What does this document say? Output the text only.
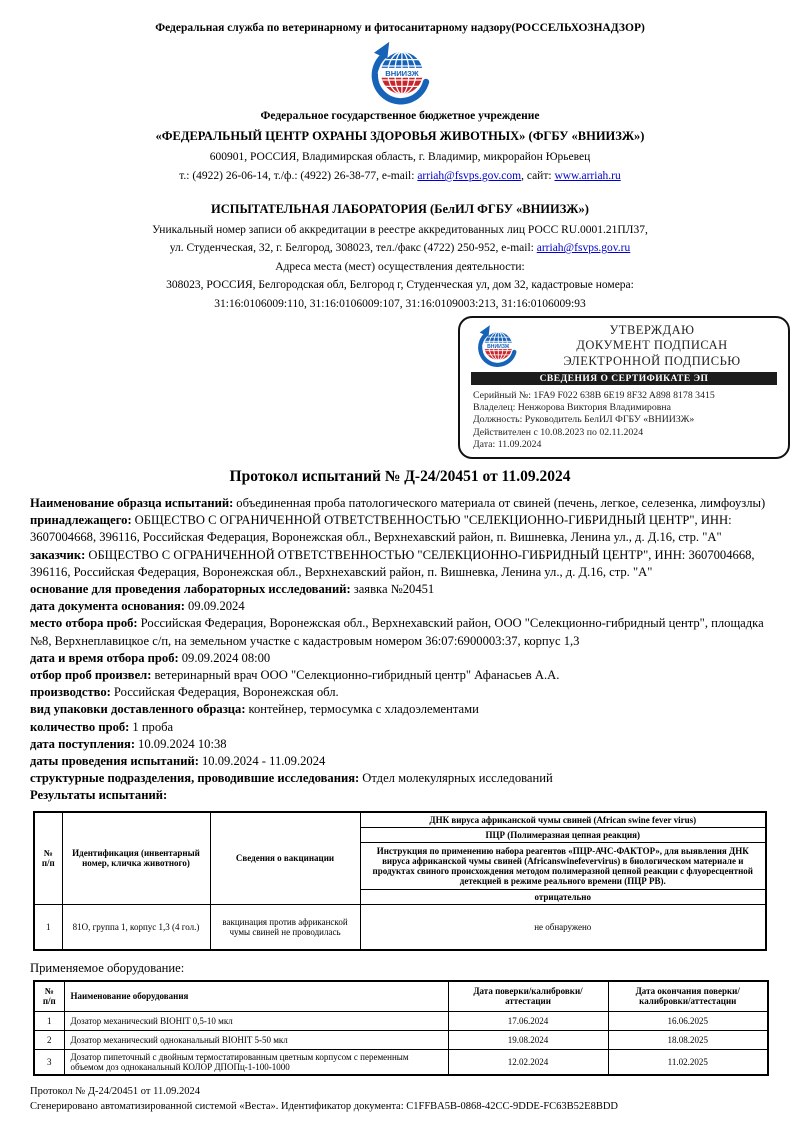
Федеральная служба по ветеринарному и фитосанитарному надзору(РОССЕЛЬХОЗНАДЗОР)
Федеральное государственное бюджетное учреждение
«ФЕДЕРАЛЬНЫЙ ЦЕНТР ОХРАНЫ ЗДОРОВЬЯ ЖИВОТНЫХ» (ФГБУ «ВНИИЗЖ»)
600901, РОССИЯ, Владимирская область, г. Владимир, микрорайон Юрьевец
т.: (4922) 26-06-14, т./ф.: (4922) 26-38-77, e-mail: arriah@fsvps.gov.com, сайт: www.arriah.ru
ИСПЫТАТЕЛЬНАЯ ЛАБОРАТОРИЯ (БелИЛ ФГБУ «ВНИИЗЖ»)
Уникальный номер записи об аккредитации в реестре аккредитованных лиц РОСС RU.0001.21ПЛ37,
ул. Студенческая, 32, г. Белгород, 308023, тел./факс (4722) 250-952, e-mail: arriah@fsvps.gov.ru
Адреса места (мест) осуществления деятельности:
308023, РОССИЯ, Белгородская обл, Белгород г, Студенческая ул, дом 32, кадастровые номера:
31:16:0106009:110, 31:16:0106009:107, 31:16:0109003:213, 31:16:0106009:93
УТВЕРЖДАЮ
ДОКУМЕНТ ПОДПИСАН
ЭЛЕКТРОННОЙ ПОДПИСЬЮ
СВЕДЕНИЯ О СЕРТИФИКАТЕ ЭП
Серийный №: 1FA9 F022 638B 6E19 8F32 A898 8178 3415
Владелец: Ненжорова Виктория Владимировна
Должность: Руководитель БелИЛ ФГБУ «ВНИИЗЖ»
Действителен с 10.08.2023 по 02.11.2024
Дата: 11.09.2024
Протокол испытаний № Д-24/20451 от 11.09.2024

Наименование образца испытаний: объединенная проба патологического материала от свиней (печень, легкое, селезенка, лимфоузлы)

принадлежащего: ОБЩЕСТВО С ОГРАНИЧЕННОЙ ОТВЕТСТВЕННОСТЬЮ "СЕЛЕКЦИОННО-ГИБРИДНЫЙ ЦЕНТР", ИНН: 3607004668, 396116, Российская Федерация, Воронежская обл., Верхнехавский район, п. Вишневка, Ленина ул., д. Д.16, стр. "А"

заказчик: ОБЩЕСТВО С ОГРАНИЧЕННОЙ ОТВЕТСТВЕННОСТЬЮ "СЕЛЕКЦИОННО-ГИБРИДНЫЙ ЦЕНТР", ИНН: 3607004668, 396116, Российская Федерация, Воронежская обл., Верхнехавский район, п. Вишневка, Ленина ул., д. Д.16, стр. "А"

основание для проведения лабораторных исследований: заявка №20451

дата документа основания: 09.09.2024

место отбора проб: Российская Федерация, Воронежская обл., Верхнехавский район, ООО "Селекционно-гибридный центр", площадка №8, Верхнеплавицкое с/п, на земельном участке с кадастровым номером 36:07:6900003:37, корпус 1,3

дата и время отбора проб: 09.09.2024 08:00

отбор проб произвел: ветеринарный врач ООО "Селекционно-гибридный центр" Афанасьев А.А.

производство: Российская Федерация, Воронежская обл.

вид упаковки доставленного образца: контейнер, термосумка с хладоэлементами

количество проб: 1 проба

дата поступления: 10.09.2024 10:38

даты проведения испытаний: 10.09.2024 - 11.09.2024

структурные подразделения, проводившие исследования: Отдел молекулярных исследований

Результаты испытаний:

№ п/п	Идентификация (инвентарный номер, кличка животного)	Сведения о вакцинации	ДНК вируса африканской чумы свиней (African swine fever virus)
			ПЦР (Полимеразная цепная реакция)
			Инструкция по применению набора реагентов «ПЦР-АЧС-ФАКТОР», для выявления ДНК вируса африканской чумы свиней (Africanswinefevervirus) в биологическом материале и продуктах свиного происхождения методом полимеразной цепной реакции с флуоресцентной детекцией в режиме реального времени (ПЦР РВ).
			отрицательно
1	81О, группа 1, корпус 1,3 (4 гол.)	вакцинация против африканской чумы свиней не проводилась	не обнаружено
Применяемое оборудование:
№ п/п	Наименование оборудования	Дата поверки/калибровки/аттестации	Дата окончания поверки/калибровки/аттестации
1	Дозатор механический BIOHIT 0,5-10 мкл	17.06.2024	16.06.2025
2	Дозатор механический одноканальный BIOHIT 5-50 мкл	19.08.2024	18.08.2025
3	Дозатор пипеточный с двойным термостатированным цветным корпусом с переменным объемом доз одноканальный КОЛОР ДПОПц-1-100-1000	12.02.2024	11.02.2025
Протокол № Д-24/20451 от 11.09.2024
Сгенерировано автоматизированной системой «Веста». Идентификатор документа: C1FFBA5B-0868-42CC-9DDE-FC63B52E8BDD
